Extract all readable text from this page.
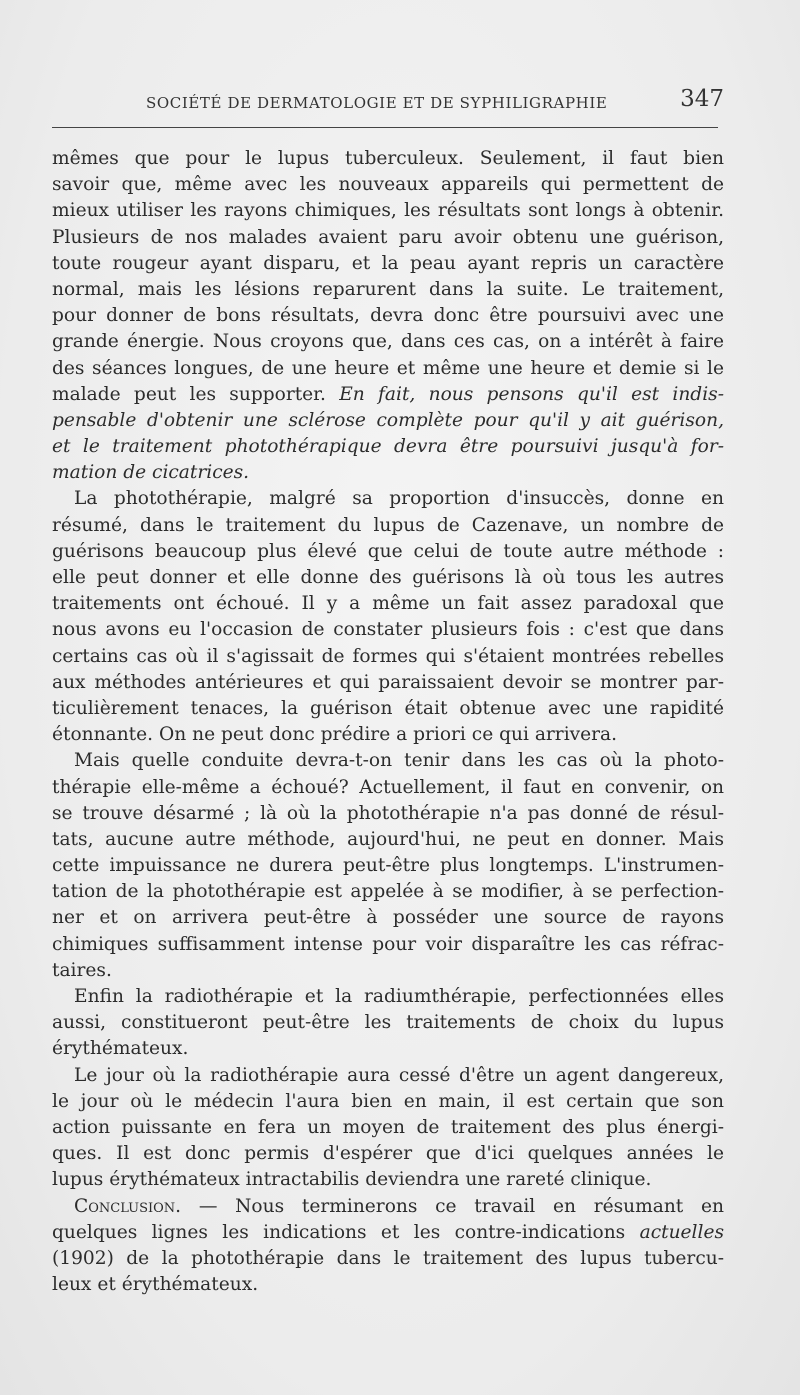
SOCIÉTÉ DE DERMATOLOGIE ET DE SYPHILIGRAPHIE	347
mêmes que pour le lupus tuberculeux. Seulement, il faut bien
savoir que, même avec les nouveaux appareils qui permettent de
mieux utiliser les rayons chimiques, les résultats sont longs à obtenir.
Plusieurs de nos malades avaient paru avoir obtenu une guérison,
toute rougeur ayant disparu, et la peau ayant repris un caractère
normal, mais les lésions reparurent dans la suite. Le traitement,
pour donner de bons résultats, devra donc être poursuivi avec une
grande énergie. Nous croyons que, dans ces cas, on a intérêt à faire
des séances longues, de une heure et même une heure et demie si le
malade peut les supporter. En fait, nous pensons qu'il est indis-
pensable d'obtenir une sclérose complète pour qu'il y ait guérison,
et le traitement photothérapique devra être poursuivi jusqu'à for-
mation de cicatrices.
La photothérapie, malgré sa proportion d'insuccès, donne en
résumé, dans le traitement du lupus de Cazenave, un nombre de
guérisons beaucoup plus élevé que celui de toute autre méthode :
elle peut donner et elle donne des guérisons là où tous les autres
traitements ont échoué. Il y a même un fait assez paradoxal que
nous avons eu l'occasion de constater plusieurs fois : c'est que dans
certains cas où il s'agissait de formes qui s'étaient montrées rebelles
aux méthodes antérieures et qui paraissaient devoir se montrer par-
ticulièrement tenaces, la guérison était obtenue avec une rapidité
étonnante. On ne peut donc prédire a priori ce qui arrivera.
Mais quelle conduite devra-t-on tenir dans les cas où la photo-
thérapie elle-même a échoué? Actuellement, il faut en convenir, on
se trouve désarmé ; là où la photothérapie n'a pas donné de résul-
tats, aucune autre méthode, aujourd'hui, ne peut en donner. Mais
cette impuissance ne durera peut-être plus longtemps. L'instrumen-
tation de la photothérapie est appelée à se modifier, à se perfection-
ner et on arrivera peut-être à posséder une source de rayons
chimiques suffisamment intense pour voir disparaître les cas réfrac-
taires.
Enfin la radiothérapie et la radiumthérapie, perfectionnées elles
aussi, constitueront peut-être les traitements de choix du lupus
érythémateux.
Le jour où la radiothérapie aura cessé d'être un agent dangereux,
le jour où le médecin l'aura bien en main, il est certain que son
action puissante en fera un moyen de traitement des plus énergi-
ques. Il est donc permis d'espérer que d'ici quelques années le
lupus érythémateux intractabilis deviendra une rareté clinique.
Conclusion. — Nous terminerons ce travail en résumant en
quelques lignes les indications et les contre-indications actuelles
(1902) de la photothérapie dans le traitement des lupus tubercu-
leux et érythémateux.
